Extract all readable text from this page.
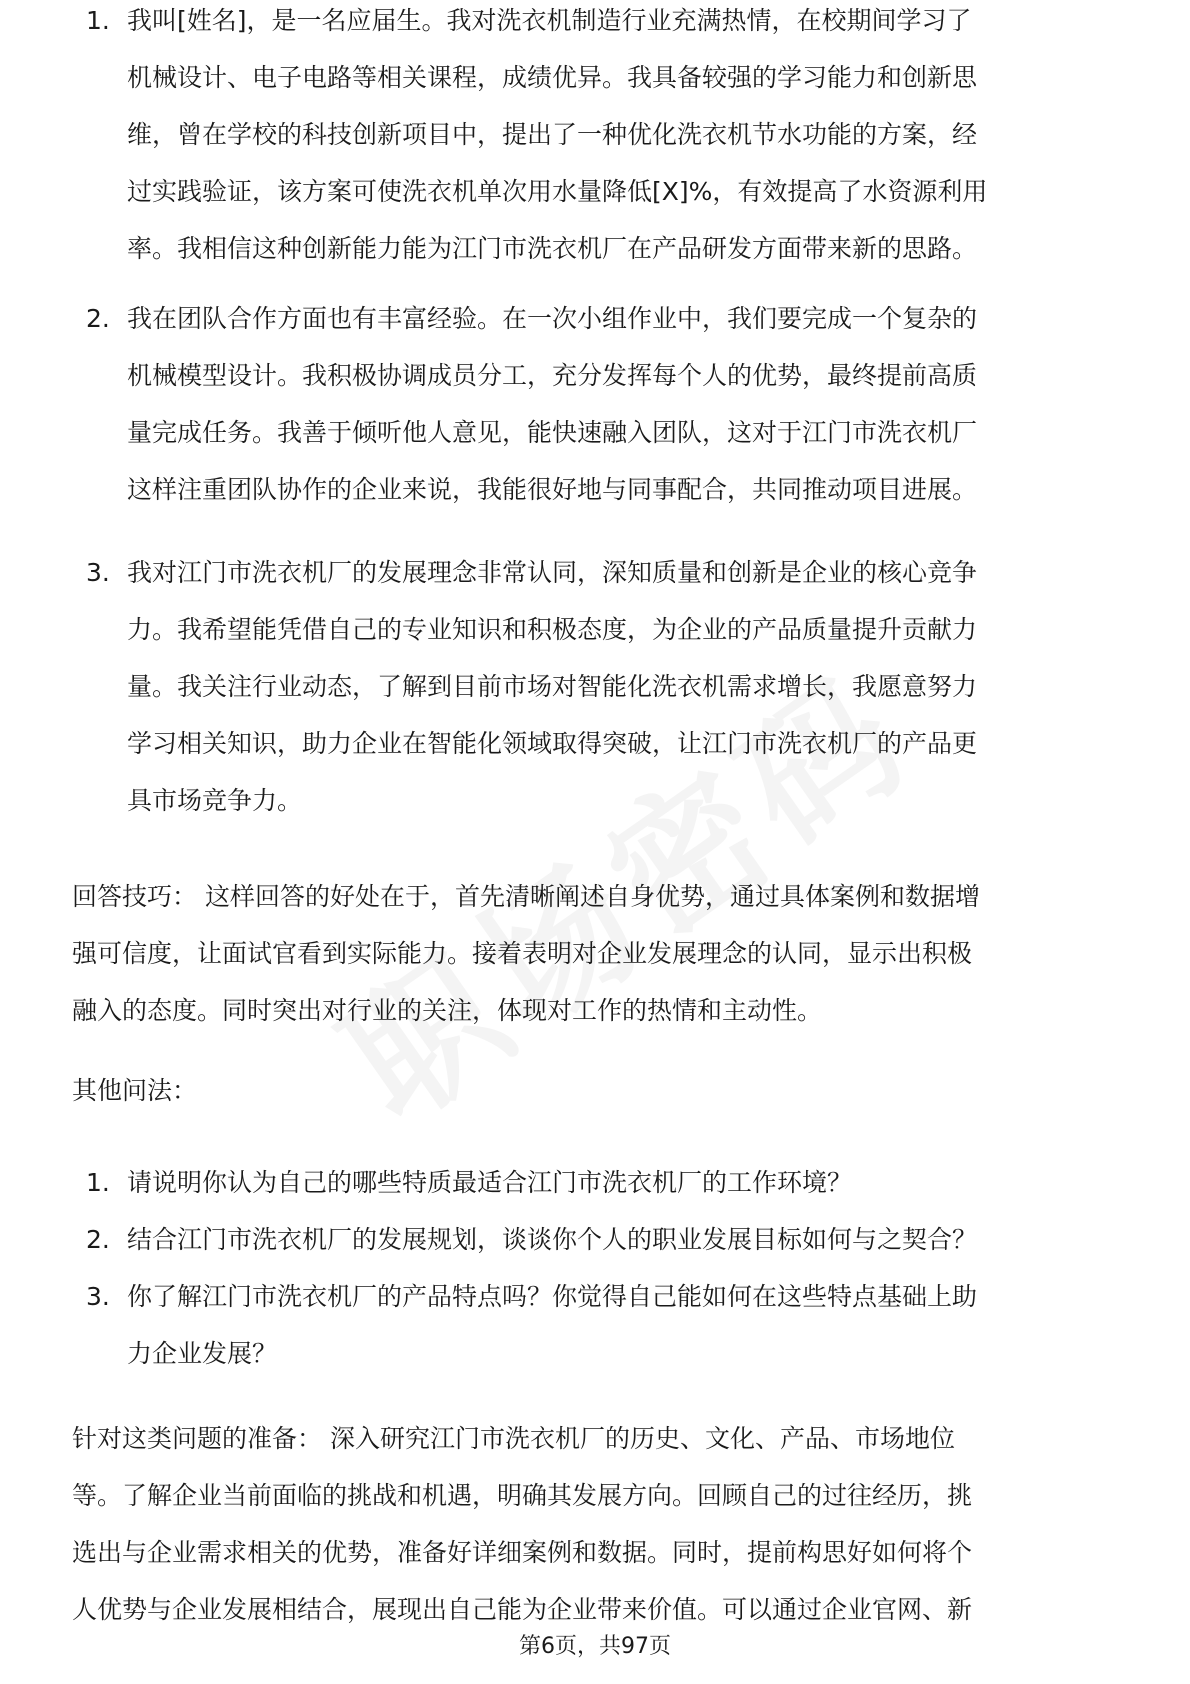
1. 我叫[姓名]，是一名应届生。我对洗衣机制造行业充满热情，在校期间学习了
机械设计、电子电路等相关课程，成绩优异。我具备较强的学习能力和创新思
维，曾在学校的科技创新项目中，提出了一种优化洗衣机节水功能的方案，经
过实践验证，该方案可使洗衣机单次用水量降低[X]%，有效提高了水资源利用
率。我相信这种创新能力能为江门市洗衣机厂在产品研发方面带来新的思路。
2. 我在团队合作方面也有丰富经验。在一次小组作业中，我们要完成一个复杂的
机械模型设计。我积极协调成员分工，充分发挥每个人的优势，最终提前高质
量完成任务。我善于倾听他人意见，能快速融入团队，这对于江门市洗衣机厂
这样注重团队协作的企业来说，我能很好地与同事配合，共同推动项目进展。
3. 我对江门市洗衣机厂的发展理念非常认同，深知质量和创新是企业的核心竞争
力。我希望能凭借自己的专业知识和积极态度，为企业的产品质量提升贡献力
量。我关注行业动态，了解到目前市场对智能化洗衣机需求增长，我愿意努力
学习相关知识，助力企业在智能化领域取得突破，让江门市洗衣机厂的产品更
具市场竞争力。
回答技巧： 这样回答的好处在于，首先清晰阐述自身优势，通过具体案例和数据增
强可信度，让面试官看到实际能力。接着表明对企业发展理念的认同，显示出积极
融入的态度。同时突出对行业的关注，体现对工作的热情和主动性。
其他问法：
1. 请说明你认为自己的哪些特质最适合江门市洗衣机厂的工作环境？
2. 结合江门市洗衣机厂的发展规划，谈谈你个人的职业发展目标如何与之契合？
3. 你了解江门市洗衣机厂的产品特点吗？你觉得自己能如何在这些特点基础上助
力企业发展？
针对这类问题的准备： 深入研究江门市洗衣机厂的历史、文化、产品、市场地位
等。了解企业当前面临的挑战和机遇，明确其发展方向。回顾自己的过往经历，挑
选出与企业需求相关的优势，准备好详细案例和数据。同时，提前构思好如何将个
人优势与企业发展相结合，展现出自己能为企业带来价值。可以通过企业官网、新
第6页，共97页
